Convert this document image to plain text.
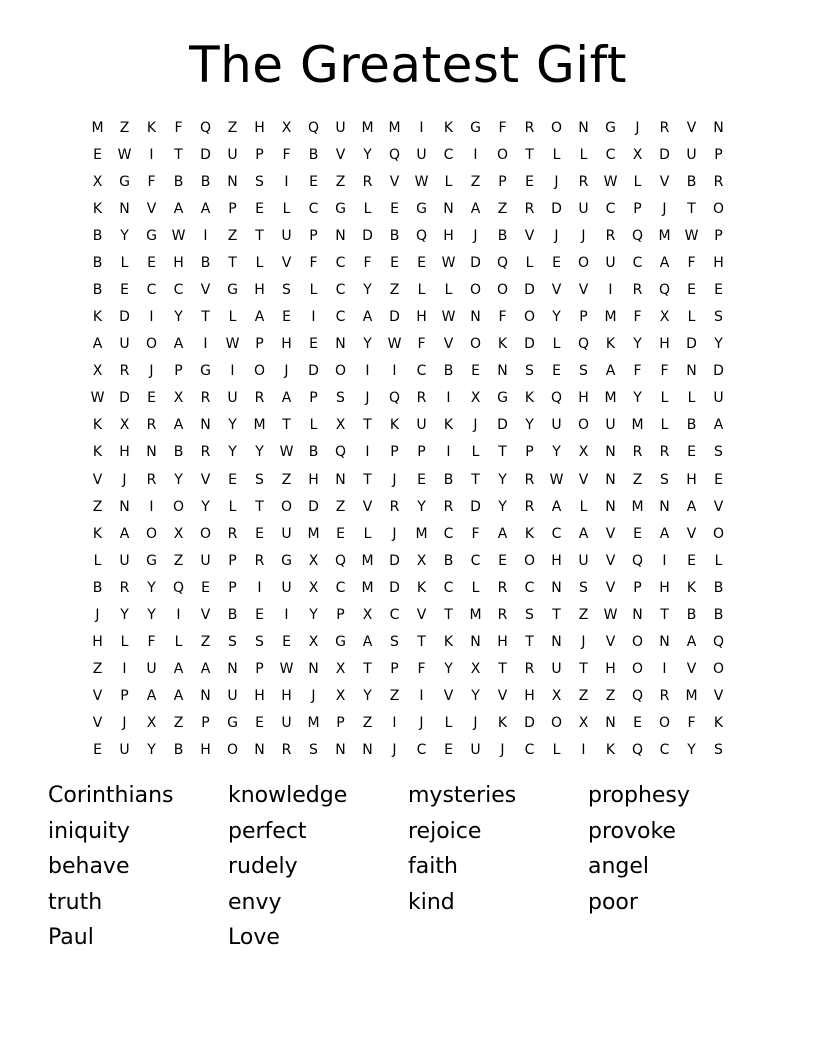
The Greatest Gift
M	Z	K	F	Q	Z	H	X	Q	U	M	M	I	K	G	F	R	O	N	G	J	R	V	N
E	W	I	T	D	U	P	F	B	V	Y	Q	U	C	I	O	T	L	L	C	X	D	U	P
X	G	F	B	B	N	S	I	E	Z	R	V	W	L	Z	P	E	J	R	W	L	V	B	R
K	N	V	A	A	P	E	L	C	G	L	E	G	N	A	Z	R	D	U	C	P	J	T	O
B	Y	G	W	I	Z	T	U	P	N	D	B	Q	H	J	B	V	J	J	R	Q	M	W	P
B	L	E	H	B	T	L	V	F	C	F	E	E	W	D	Q	L	E	O	U	C	A	F	H
B	E	C	C	V	G	H	S	L	C	Y	Z	L	L	O	O	D	V	V	I	R	Q	E	E
K	D	I	Y	T	L	A	E	I	C	A	D	H	W	N	F	O	Y	P	M	F	X	L	S
A	U	O	A	I	W	P	H	E	N	Y	W	F	V	O	K	D	L	Q	K	Y	H	D	Y
X	R	J	P	G	I	O	J	D	O	I	I	C	B	E	N	S	E	S	A	F	F	N	D
W	D	E	X	R	U	R	A	P	S	J	Q	R	I	X	G	K	Q	H	M	Y	L	L	U
K	X	R	A	N	Y	M	T	L	X	T	K	U	K	J	D	Y	U	O	U	M	L	B	A
K	H	N	B	R	Y	Y	W	B	Q	I	P	P	I	L	T	P	Y	X	N	R	R	E	S
V	J	R	Y	V	E	S	Z	H	N	T	J	E	B	T	Y	R	W	V	N	Z	S	H	E
Z	N	I	O	Y	L	T	O	D	Z	V	R	Y	R	D	Y	R	A	L	N	M	N	A	V
K	A	O	X	O	R	E	U	M	E	L	J	M	C	F	A	K	C	A	V	E	A	V	O
L	U	G	Z	U	P	R	G	X	Q	M	D	X	B	C	E	O	H	U	V	Q	I	E	L
B	R	Y	Q	E	P	I	U	X	C	M	D	K	C	L	R	C	N	S	V	P	H	K	B
J	Y	Y	I	V	B	E	I	Y	P	X	C	V	T	M	R	S	T	Z	W	N	T	B	B
H	L	F	L	Z	S	S	E	X	G	A	S	T	K	N	H	T	N	J	V	O	N	A	Q
Z	I	U	A	A	N	P	W	N	X	T	P	F	Y	X	T	R	U	T	H	O	I	V	O
V	P	A	A	N	U	H	H	J	X	Y	Z	I	V	Y	V	H	X	Z	Z	Q	R	M	V
V	J	X	Z	P	G	E	U	M	P	Z	I	J	L	J	K	D	O	X	N	E	O	F	K
E	U	Y	B	H	O	N	R	S	N	N	J	C	E	U	J	C	L	I	K	Q	C	Y	S
Corinthians	knowledge	mysteries	prophesy
iniquity	perfect	rejoice	provoke
behave	rudely	faith	angel
truth	envy	kind	poor
Paul	Love
